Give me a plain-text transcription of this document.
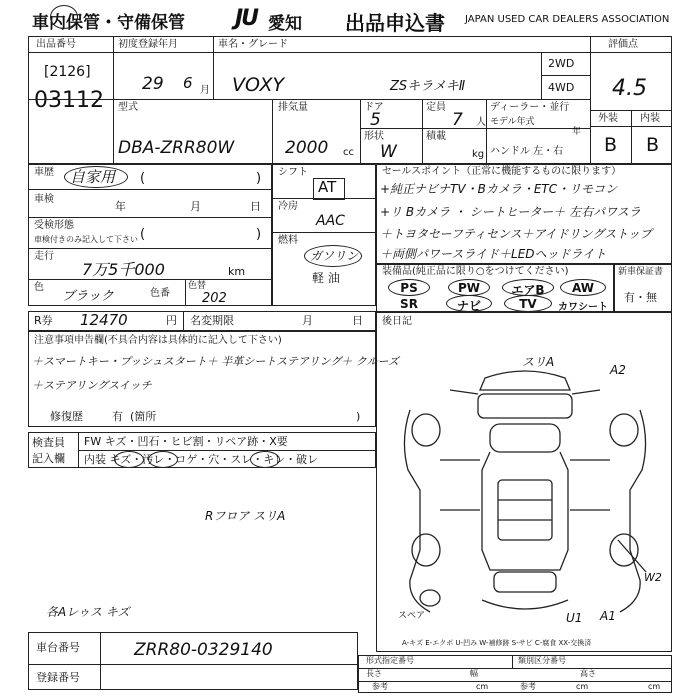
車内保管・守備保管 JU 愛知 出品申込書 JAPAN USED CAR DEALERS ASSOCIATION
出品番号
[2126]
03112
初度登録年月
29 6 月
車名・グレード
VOXY	ZSキラメキⅡ
2WD
4WD
評価点
4.5
外装 内装
B B
型式
DBA-ZRR80W
排気量
2000 cc
ドア
5
定員
7 人
形状
W
積載
kg
ディーラー・並行
モデル年式
年
ハンドル 左・右
車歴 自家用 (	)
車検
年	月	日
受検形態
車検付きのみ記入して下さい (	)
走行
7万5千000	km
色
ブラック	色番
色替
202
シフト
AT
冷房
AAC
燃料
ガソリン
軽 油
セールスポイント（正常に機能するものに限ります）
+純正ナビナTV・Bカメラ・ETC・リモコン
+リ Bカメラ ・ シートヒーター＋ 左右パワスラ
＋トヨタセーフティセンス＋アイドリングストップ
＋両側パワースライド＋LEDヘッドライト
装備品(純正品に限り○をつけてください)
PS	PW	エアB	AW
SR	ナビ	TV	カワシート
新車保証書
有・無
R券 12470	円 名変期限	月	日
注意事項申告欄(不具合内容は具体的に記入して下さい)
＋スマートキー・プッシュスタート＋ 半革シートステアリング＋ クルーズ
＋ステアリングスイッチ
修復歴	有 (箇所	)
検査員
記入欄
FW キズ・凹石・ヒビ割・リペア跡・X要
内装 キズ・汚レ・コゲ・穴・スレ・キレ・破レ
Rフロア スリA
各Aレゥス キズ
後日記
スリA
A2
W2
U1 A1
スペア
A-キズ E-エクボ U-凹み W-補修跡 S-サビ C-腐食 XX-交換済
車台番号	ZRR80-0329140
登録番号
形式指定番号	類別区分番号
長さ	幅	高さ
参考	cm	参考	cm	cm
